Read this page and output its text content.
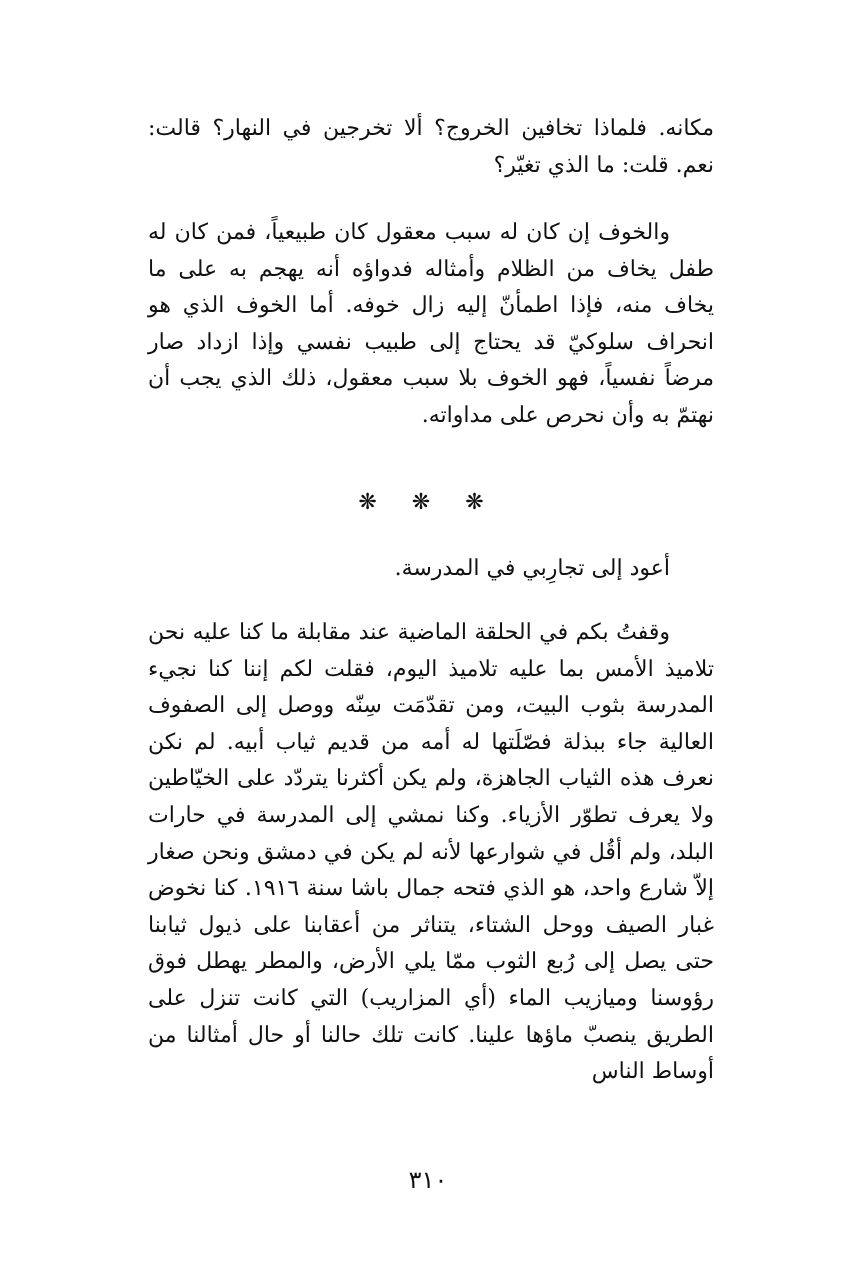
مكانه. فلماذا تخافين الخروج؟ ألا تخرجين في النهار؟ قالت: نعم. قلت: ما الذي تغيّر؟

والخوف إن كان له سبب معقول كان طبيعياً، فمن كان له طفل يخاف من الظلام وأمثاله فدواؤه أنه يهجم به على ما يخاف منه، فإذا اطمأنّ إليه زال خوفه. أما الخوف الذي هو انحراف سلوكيّ قد يحتاج إلى طبيب نفسي وإذا ازداد صار مرضاً نفسياً، فهو الخوف بلا سبب معقول، ذلك الذي يجب أن نهتمّ به وأن نحرص على مداواته.

❋ ❋ ❋

أعود إلى تجارِبي في المدرسة.

وقفتُ بكم في الحلقة الماضية عند مقابلة ما كنا عليه نحن تلاميذ الأمس بما عليه تلاميذ اليوم، فقلت لكم إننا كنا نجيء المدرسة بثوب البيت، ومن تقدّمَت سِنّه ووصل إلى الصفوف العالية جاء ببذلة فصّلَتها له أمه من قديم ثياب أبيه. لم نكن نعرف هذه الثياب الجاهزة، ولم يكن أكثرنا يتردّد على الخيّاطين ولا يعرف تطوّر الأزياء. وكنا نمشي إلى المدرسة في حارات البلد، ولم أقُل في شوارعها لأنه لم يكن في دمشق ونحن صغار إلاّ شارع واحد، هو الذي فتحه جمال باشا سنة ١٩١٦. كنا نخوض غبار الصيف ووحل الشتاء، يتناثر من أعقابنا على ذيول ثيابنا حتى يصل إلى رُبع الثوب ممّا يلي الأرض، والمطر يهطل فوق رؤوسنا وميازيب الماء (أي المزاريب) التي كانت تنزل على الطريق ينصبّ ماؤها علينا. كانت تلك حالنا أو حال أمثالنا من أوساط الناس

٣١٠
